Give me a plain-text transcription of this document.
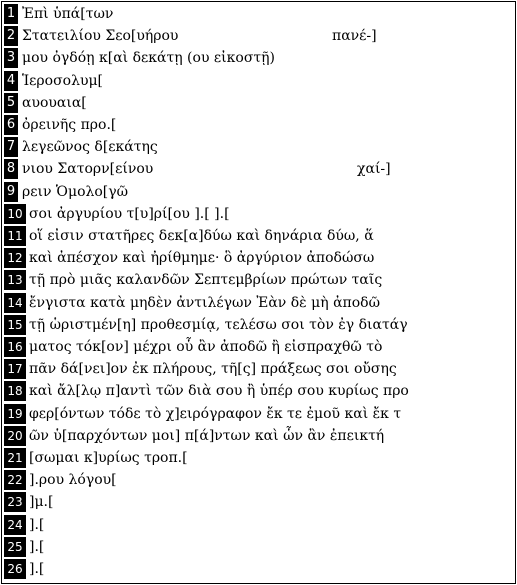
1 Ἐπὶ ὑπά[των
2 Στατειλίου Σεο[υήρου	πανέ-]
3 μου ὀγδόῃ κ[αὶ δεκάτῃ (ου εἰκοστῇ)
4 Ἱεροσολυμ[
5 αυουαια[
6 ὀρεινῆς προ.[
7 λεγεῶνος δ[εκάτης
8 νιου Σατορν[είνου	χαί-]
9 ρειν Ὁμολο[γῶ
10 σοι ἀργυρίου τ[υ]ρί[ου ].[ ].[
11 οἵ εἰσιν στατῆρες δεκ[α]δύω καὶ δηνάρια δύω, ἅ
12 καὶ ἀπέσχον καὶ ἠρίθμημε· ὃ ἀργύριον ἀποδώσω
13 τῇ πρὸ μιᾶς καλανδῶν Σεπτεμβρίων πρώτων ταῖς
14 ἔνγιστα κατὰ μηδὲν ἀντιλέγων Ἐὰν δὲ μὴ ἀποδῶ
15 τῇ ὡριστμέν[η] προθεσμίᾳ, τελέσω σοι τὸν ἐγ διατάγ
16 ματος τόκ[ον] μέχρι οὗ ἂν ἀποδῶ ἢ εἰσπραχθῶ τὸ
17 πᾶν δά[νει]ον ἐκ πλήρους, τῆ[ς] πράξεως σοι οὔσης
18 καὶ ἄλ[λῳ π]αντὶ τῶν διὰ σου ἢ ὑπέρ σου κυρίως προ
19 φερ[όντων τόδε τὸ χ]ειρόγραφον ἔκ τε ἐμοῦ καὶ ἔκ τ
20 ῶν ὑ[παρχόντων μοι] π[ά]ντων καὶ ὧν ἂν ἐπεικτή
21 [σωμαι κ]υρίως τροπ.[
22 ].ρου λόγου[
23 ]μ.[
24 ].[
25 ].[
26 ].[
